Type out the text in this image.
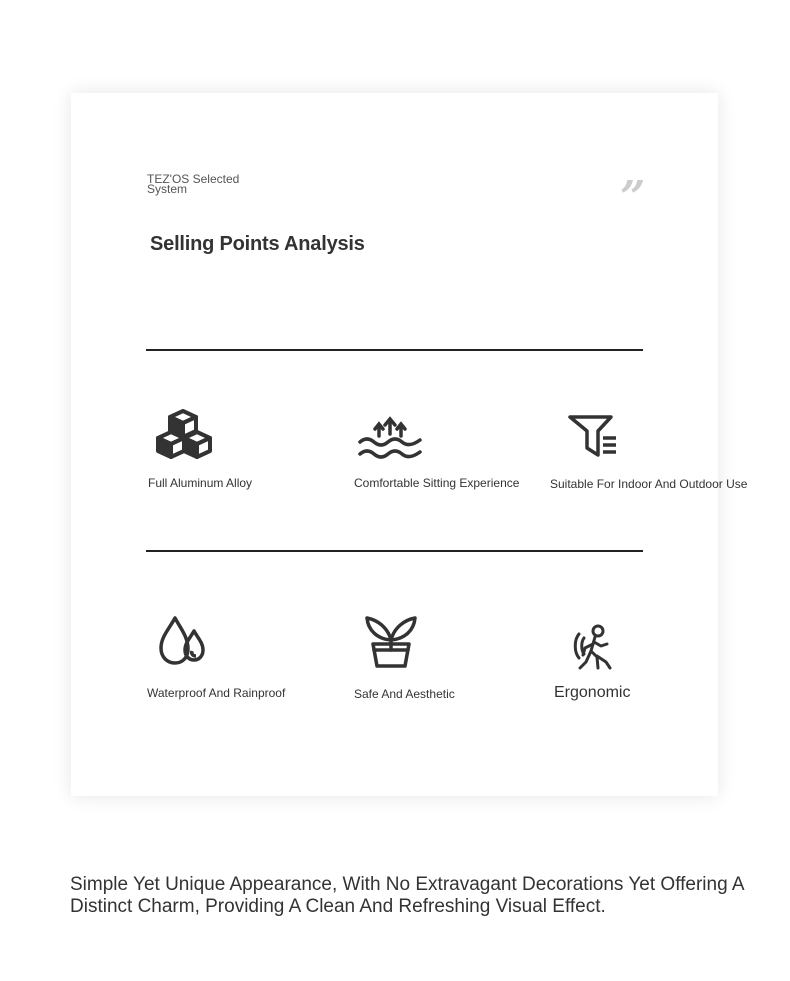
TEZ'OS Selected System	”
Selling Points Analysis
Full Aluminum Alloy	Comfortable Sitting Experience	Suitable For Indoor And Outdoor Use
Waterproof And Rainproof	Safe And Aesthetic	Ergonomic

Simple Yet Unique Appearance, With No Extravagant Decorations Yet Offering A Distinct Charm, Providing A Clean And Refreshing Visual Effect.
